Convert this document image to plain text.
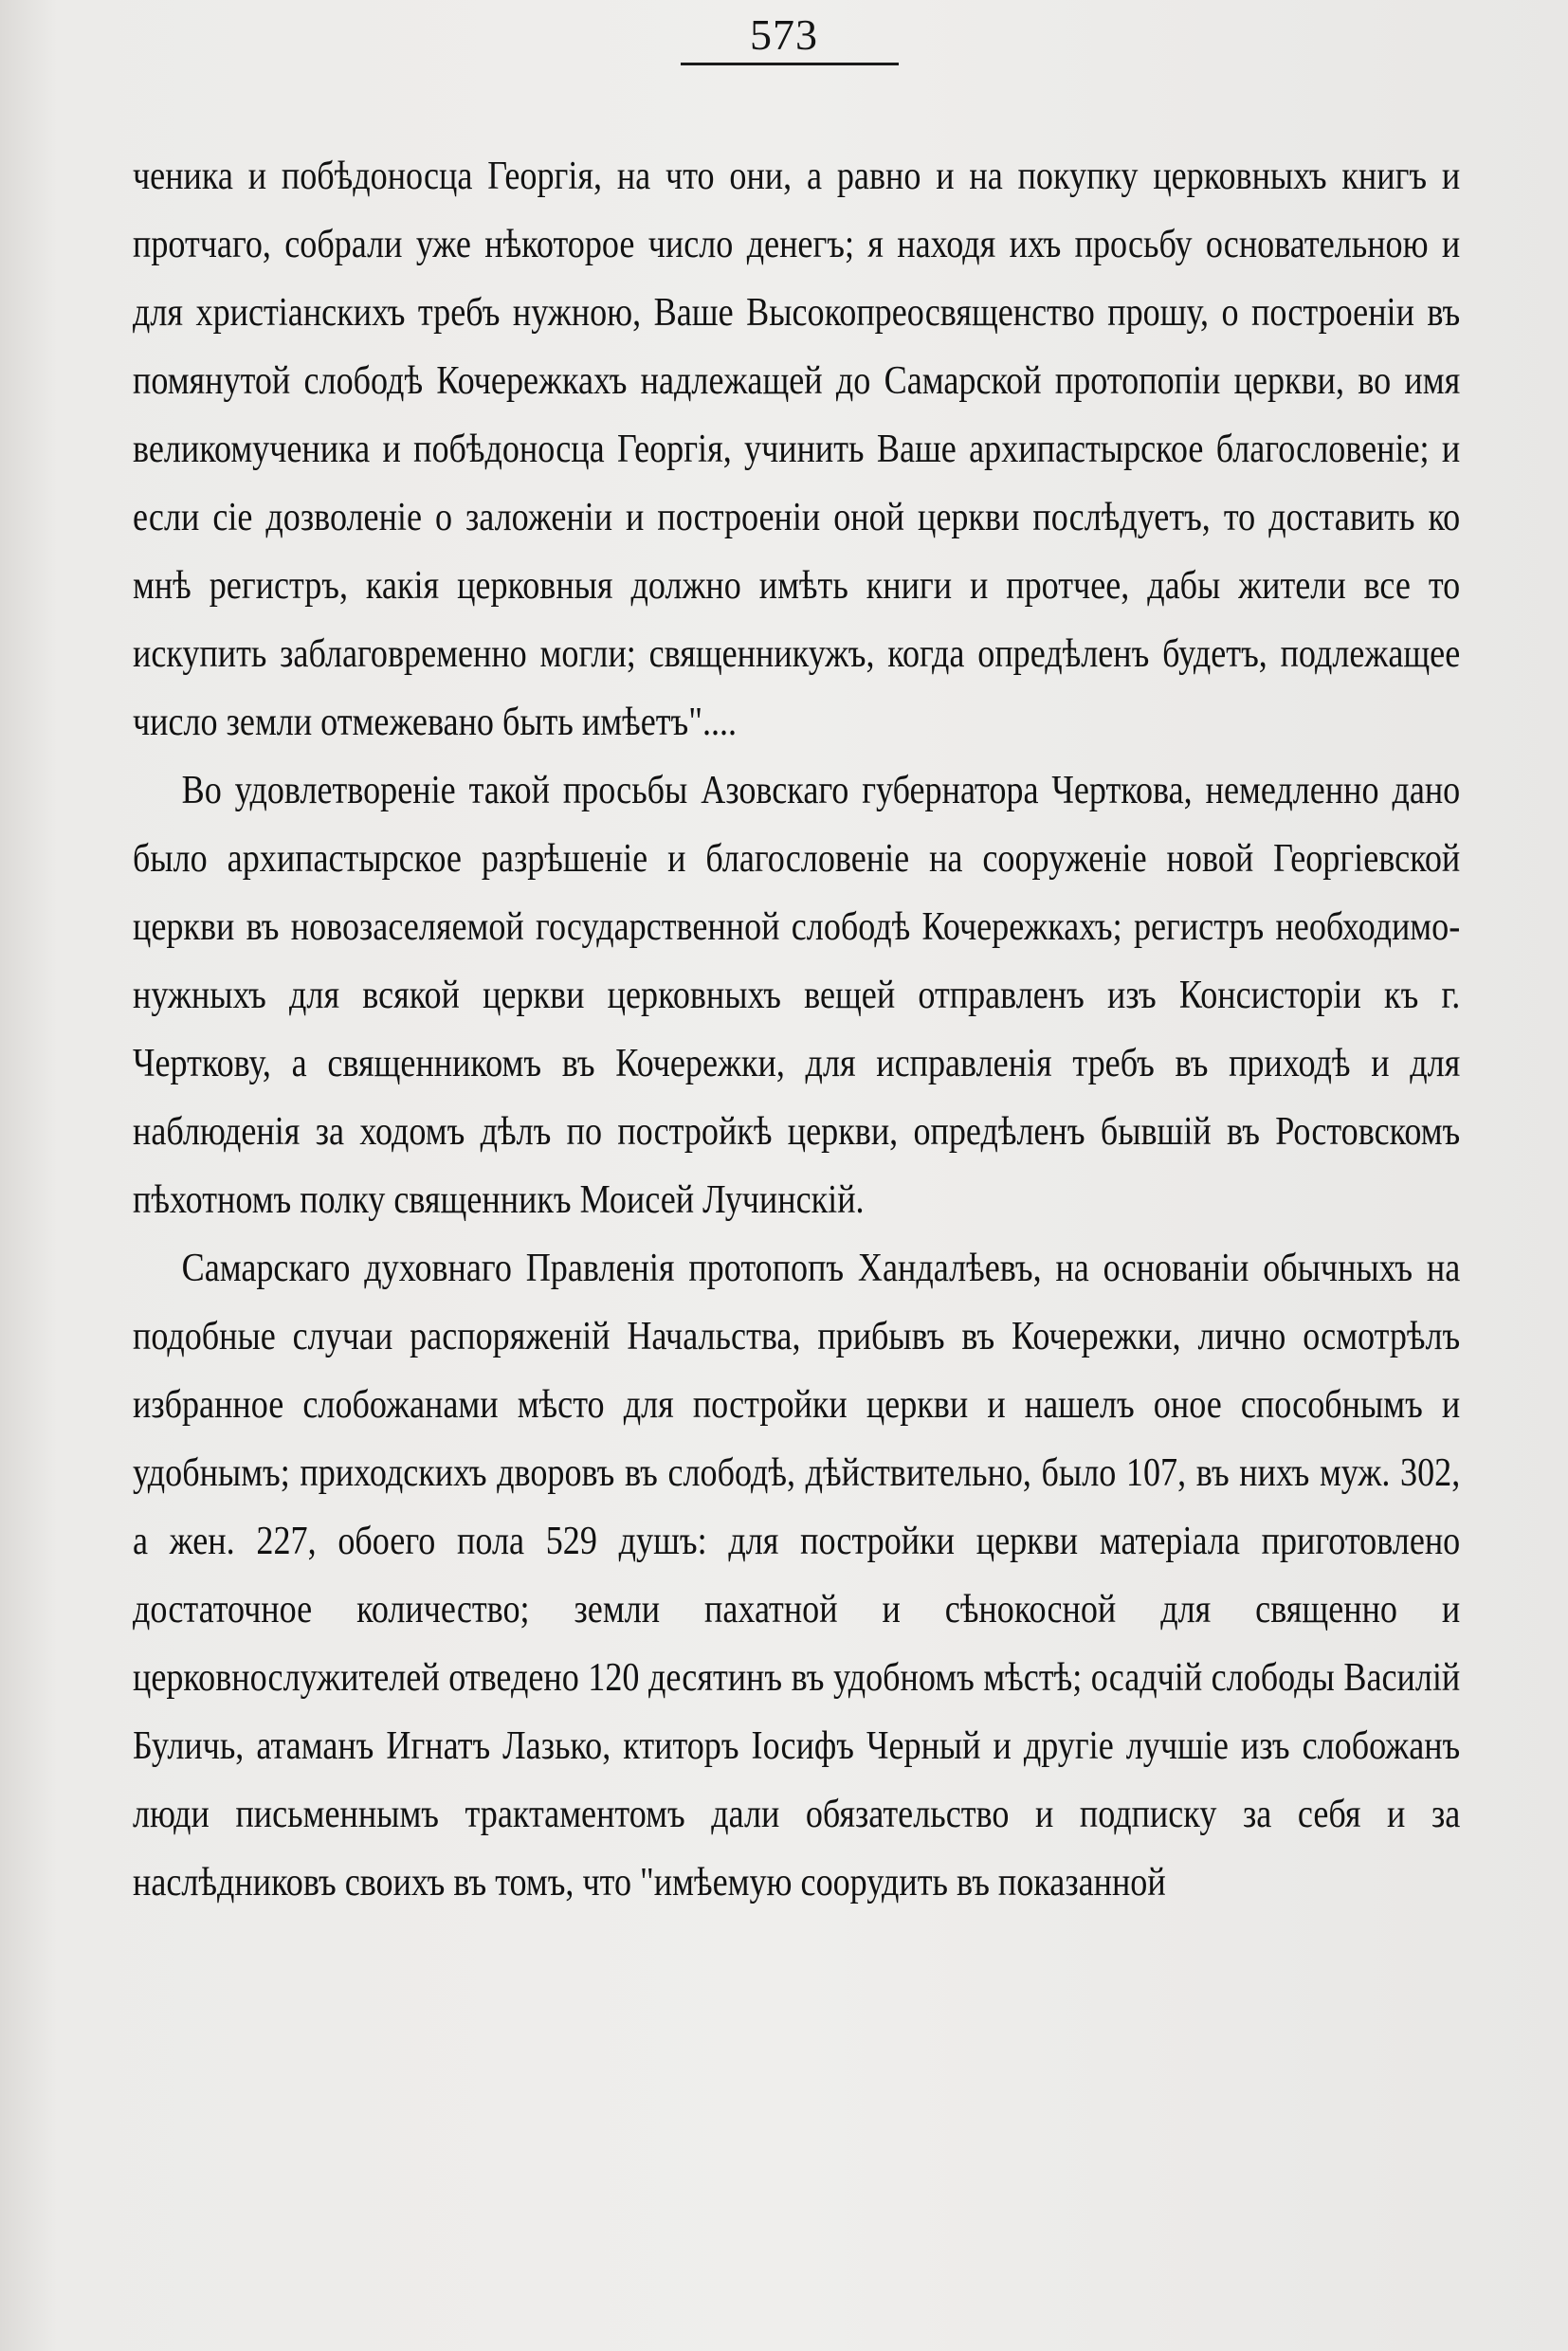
573

ченика и побѣдоносца Георгія, на что они, а равно и на покупку церковныхъ книгъ и протчаго, собрали уже нѣкоторое число денегъ; я находя ихъ просьбу основательною и для христіанскихъ требъ нужною, Ваше Высокопреосвященство прошу, о построеніи въ помянутой слободѣ Кочережкахъ надлежащей до Самарской протопопіи церкви, во имя великомученика и побѣдоносца Георгія, учинить Ваше архипастырское благословеніе; и если сіе дозволеніе о заложеніи и построеніи оной церкви послѣдуетъ, то доставить ко мнѣ регистръ, какія церковныя должно имѣть книги и протчее, дабы жители все то искупить заблаговременно могли; священникужъ, когда опредѣленъ будетъ, подлежащее число земли отмежевано быть имѣетъ"....

Во удовлетвореніе такой просьбы Азовскаго губернатора Черткова, немедленно дано было архипастырское разрѣшеніе и благословеніе на сооруженіе новой Георгіевской церкви въ новозаселяемой государственной слободѣ Кочережкахъ; регистръ необходимо-нужныхъ для всякой церкви церковныхъ вещей отправленъ изъ Консисторіи къ г. Черткову, а священникомъ въ Кочережки, для исправленія требъ въ приходѣ и для наблюденія за ходомъ дѣлъ по постройкѣ церкви, опредѣленъ бывшій въ Ростовскомъ пѣхотномъ полку священникъ Моисей Лучинскій.

Самарскаго духовнаго Правленія протопопъ Хандалѣевъ, на основаніи обычныхъ на подобные случаи распоряженій Начальства, прибывъ въ Кочережки, лично осмотрѣлъ избранное слобожанами мѣсто для постройки церкви и нашелъ оное способнымъ и удобнымъ; приходскихъ дворовъ въ слободѣ, дѣйствительно, было 107, въ нихъ муж. 302, а жен. 227, обоего пола 529 душъ: для постройки церкви матеріала приготовлено достаточное количество; земли пахатной и сѣнокосной для священно и церковнослужителей отведено 120 десятинъ въ удобномъ мѣстѣ; осадчій слободы Василій Буличь, атаманъ Игнатъ Лазько, ктиторъ Іосифъ Черный и другіе лучшіе изъ слобожанъ люди письменнымъ трактаментомъ дали обязательство и подписку за себя и за наслѣдниковъ своихъ въ томъ, что "имѣемую соорудить въ показанной
